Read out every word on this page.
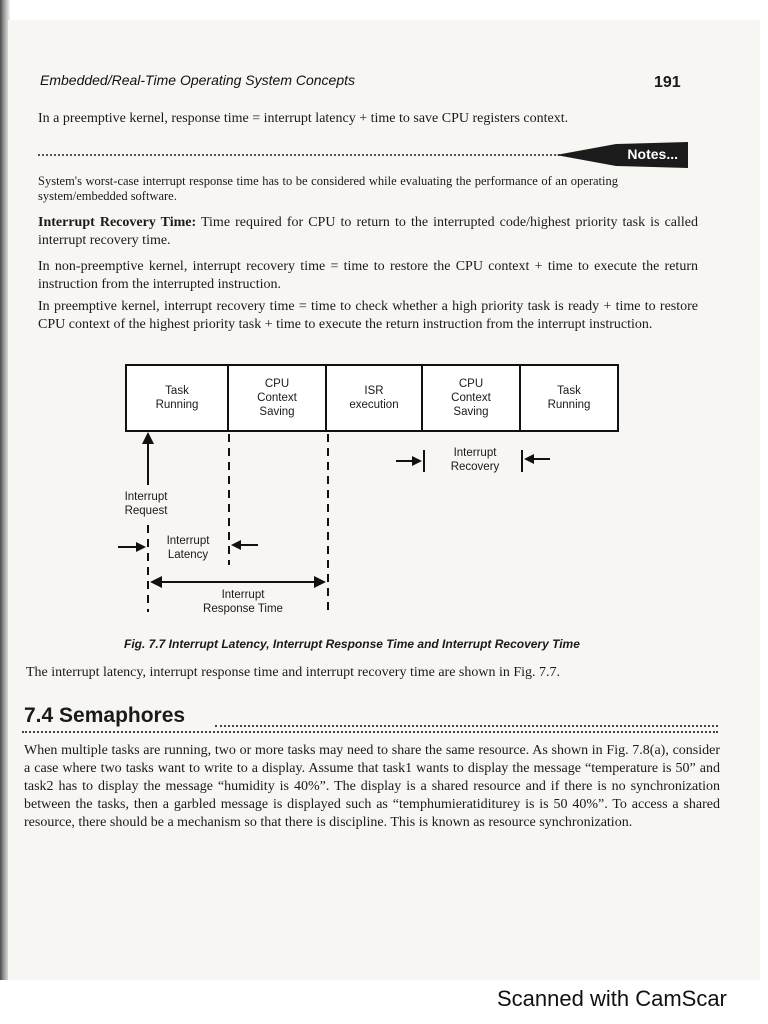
Embedded/Real-Time Operating System Concepts	191
In a preemptive kernel, response time = interrupt latency + time to save CPU registers context.
Notes...
System's worst-case interrupt response time has to be considered while evaluating the performance of an operating system/embedded software.
Interrupt Recovery Time: Time required for CPU to return to the interrupted code/highest priority task is called interrupt recovery time.
In non-preemptive kernel, interrupt recovery time = time to restore the CPU context + time to execute the return instruction from the interrupted instruction.
In preemptive kernel, interrupt recovery time = time to check whether a high priority task is ready + time to restore CPU context of the highest priority task + time to execute the return instruction from the interrupt instruction.
Task
Running
CPU
Context
Saving
ISR
execution
CPU
Context
Saving
Task
Running
Interrupt
Request
Interrupt
Latency
Interrupt
Response Time
Interrupt
Recovery
Fig. 7.7 Interrupt Latency, Interrupt Response Time and Interrupt Recovery Time
The interrupt latency, interrupt response time and interrupt recovery time are shown in Fig. 7.7.
7.4 Semaphores
When multiple tasks are running, two or more tasks may need to share the same resource. As shown in Fig. 7.8(a), consider a case where two tasks want to write to a display. Assume that task1 wants to display the message “temperature is 50” and task2 has to display the message “humidity is 40%”. The display is a shared resource and if there is no synchronization between the tasks, then a garbled message is displayed such as “temphumieratiditurey is is 50 40%”. To access a shared resource, there should be a mechanism so that there is discipline. This is known as resource synchronization.
Scanned with CamScar
